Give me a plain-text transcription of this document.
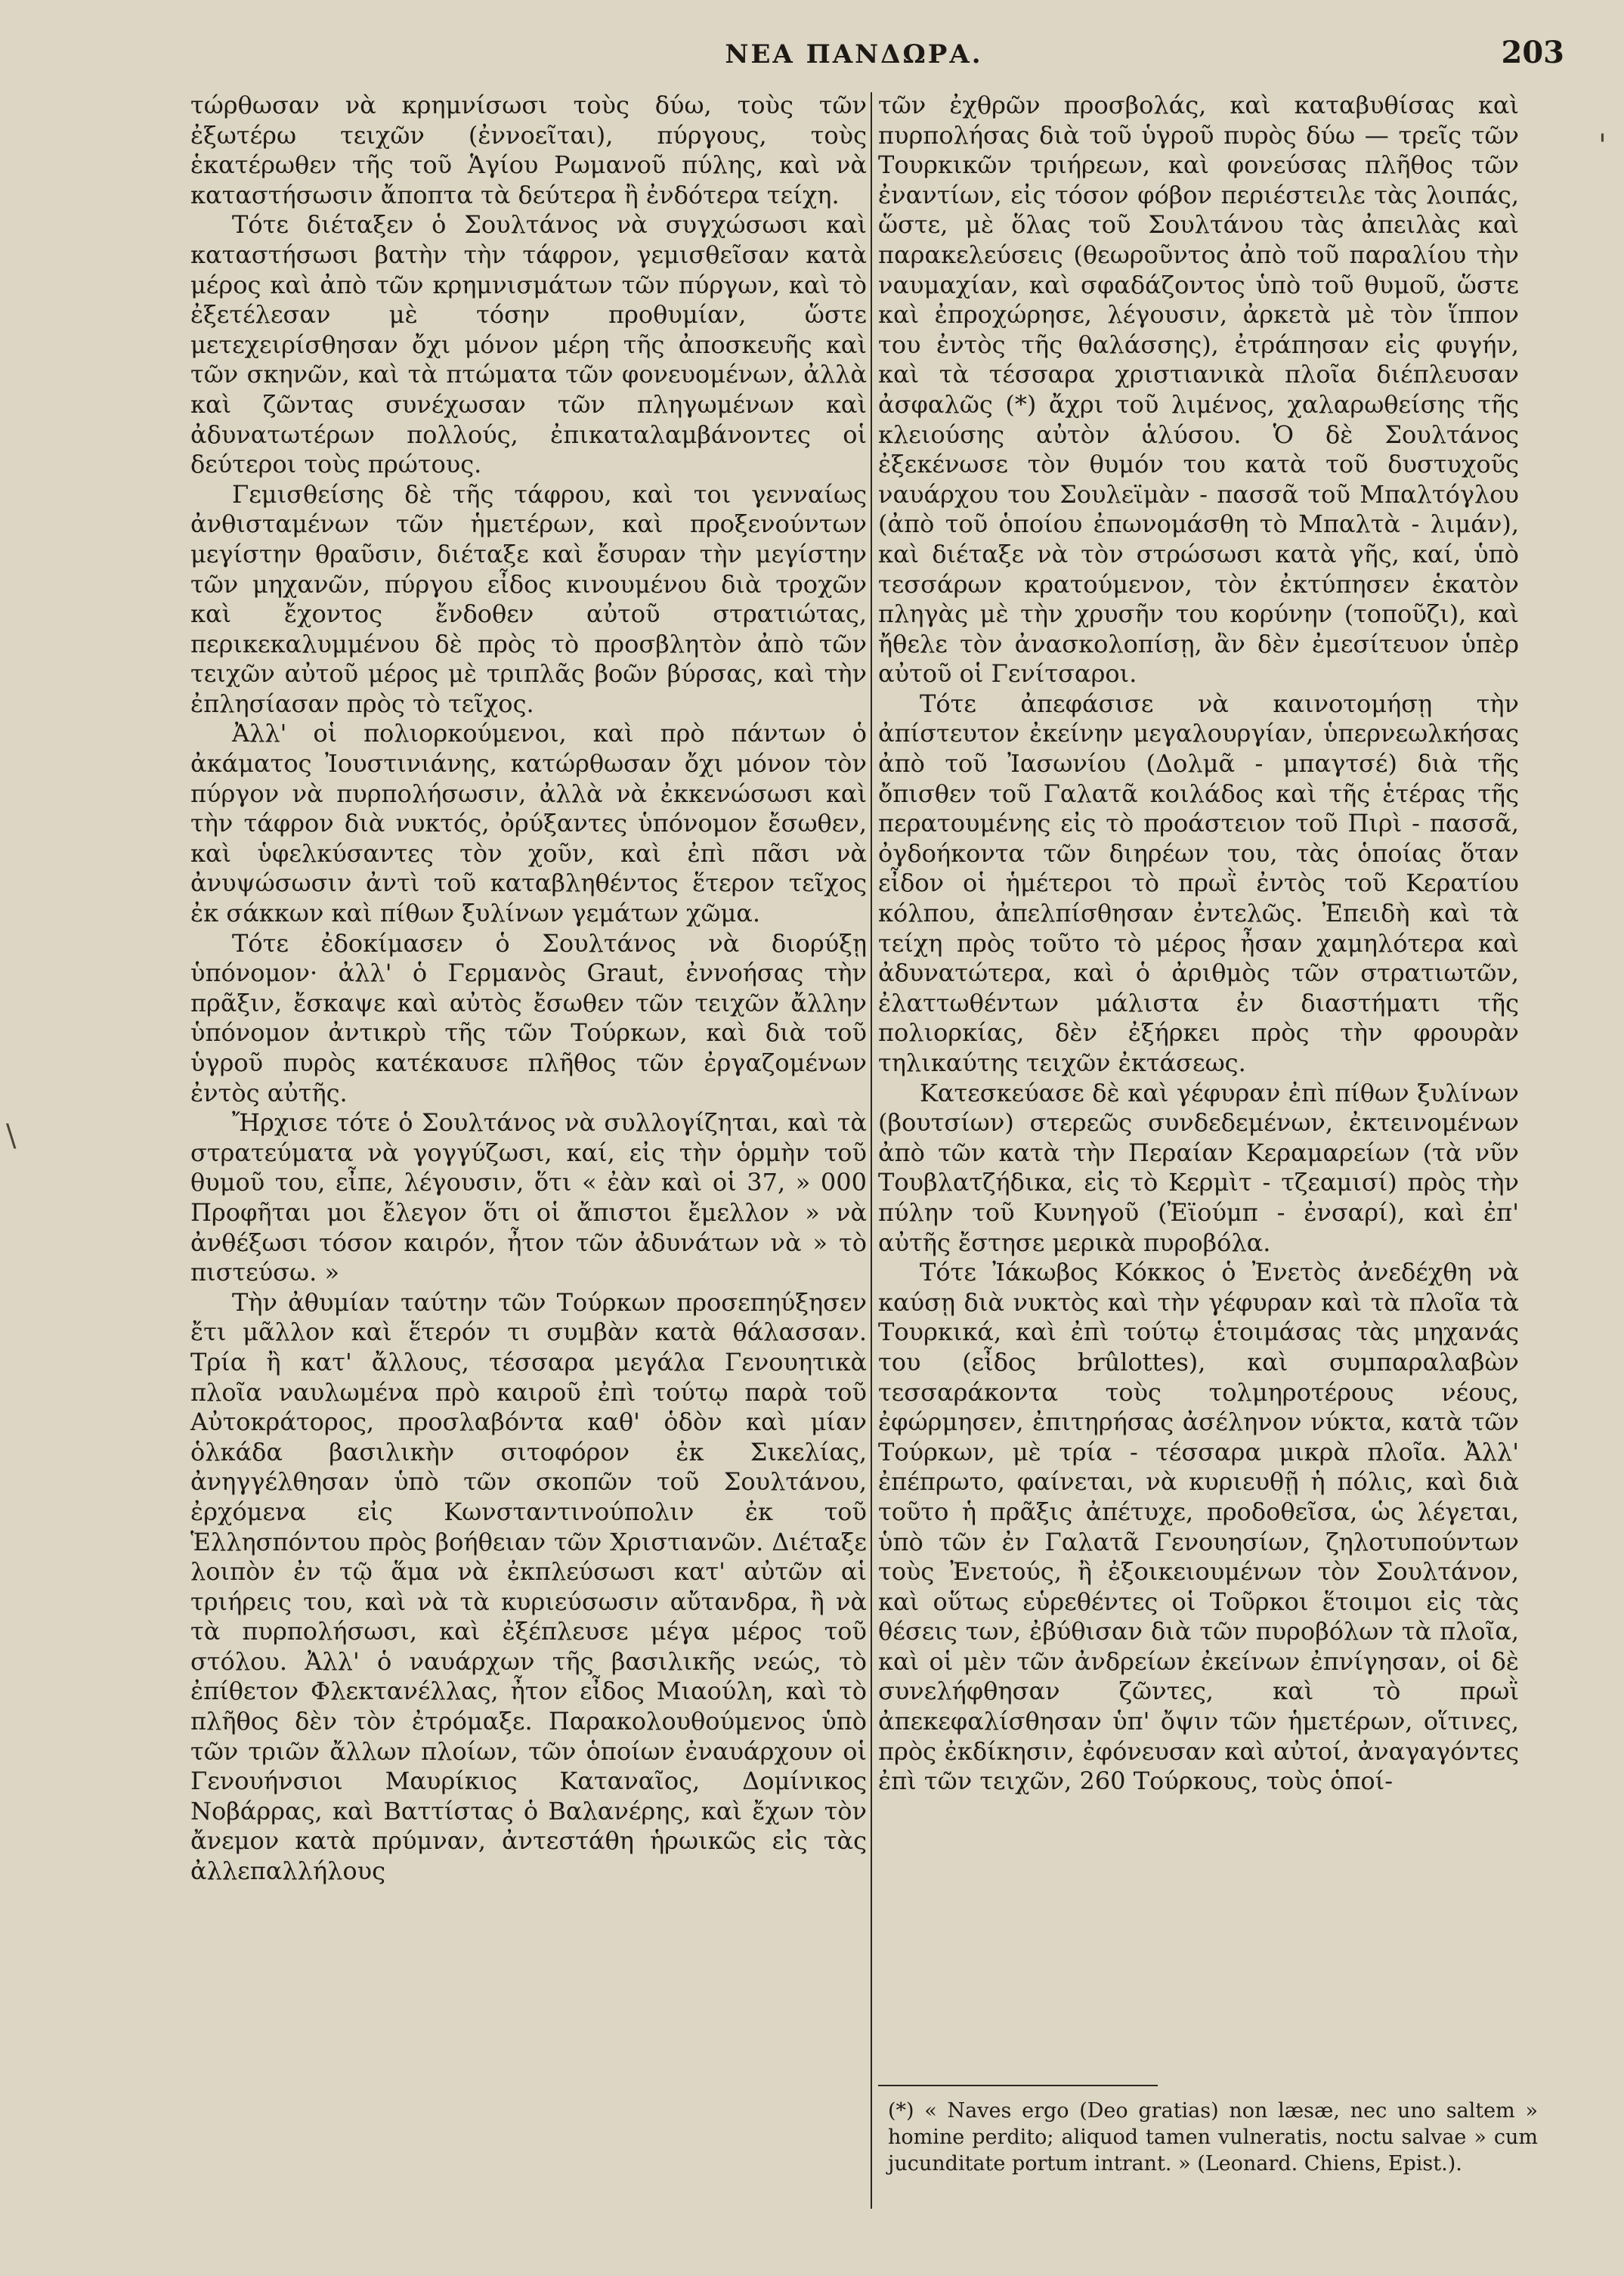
ΝΕΑ ΠΑΝΔΩΡΑ.	203

τώρθωσαν νὰ κρημνίσωσι τοὺς δύω, τοὺς τῶν ἐξωτέρω τειχῶν (ἐννοεῖται), πύργους, τοὺς ἑκατέρωθεν τῆς τοῦ Ἁγίου Ρωμανοῦ πύλης, καὶ νὰ καταστήσωσιν ἄποπτα τὰ δεύτερα ἢ ἐνδότερα τείχη.

Τότε διέταξεν ὁ Σουλτάνος νὰ συγχώσωσι καὶ καταστήσωσι βατὴν τὴν τάφρον, γεμισθεῖσαν κατὰ μέρος καὶ ἀπὸ τῶν κρημνισμάτων τῶν πύργων, καὶ τὸ ἐξετέλεσαν μὲ τόσην προθυμίαν, ὥστε μετεχειρίσθησαν ὄχι μόνον μέρη τῆς ἀποσκευῆς καὶ τῶν σκηνῶν, καὶ τὰ πτώματα τῶν φονευομένων, ἀλλὰ καὶ ζῶντας συνέχωσαν τῶν πληγωμένων καὶ ἀδυνατωτέρων πολλούς, ἐπικαταλαμβάνοντες οἱ δεύτεροι τοὺς πρώτους.

Γεμισθείσης δὲ τῆς τάφρου, καὶ τοι γενναίως ἀνθισταμένων τῶν ἡμετέρων, καὶ προξενούντων μεγίστην θραῦσιν, διέταξε καὶ ἔσυραν τὴν μεγίστην τῶν μηχανῶν, πύργου εἶδος κινουμένου διὰ τροχῶν καὶ ἔχοντος ἔνδοθεν αὐτοῦ στρατιώτας, περικεκαλυμμένου δὲ πρὸς τὸ προσβλητὸν ἀπὸ τῶν τειχῶν αὐτοῦ μέρος μὲ τριπλᾶς βοῶν βύρσας, καὶ τὴν ἐπλησίασαν πρὸς τὸ τεῖχος.

Ἀλλ' οἱ πολιορκούμενοι, καὶ πρὸ πάντων ὁ ἀκάματος Ἰουστινιάνης, κατώρθωσαν ὄχι μόνον τὸν πύργον νὰ πυρπολήσωσιν, ἀλλὰ νὰ ἐκκενώσωσι καὶ τὴν τάφρον διὰ νυκτός, ὀρύξαντες ὑπόνομον ἔσωθεν, καὶ ὑφελκύσαντες τὸν χοῦν, καὶ ἐπὶ πᾶσι νὰ ἀνυψώσωσιν ἀντὶ τοῦ καταβληθέντος ἕτερον τεῖχος ἐκ σάκκων καὶ πίθων ξυλίνων γεμάτων χῶμα.

Τότε ἐδοκίμασεν ὁ Σουλτάνος νὰ διορύξῃ ὑπόνομον· ἀλλ' ὁ Γερμανὸς Graut, ἐννοήσας τὴν πρᾶξιν, ἔσκαψε καὶ αὐτὸς ἔσωθεν τῶν τειχῶν ἄλλην ὑπόνομον ἀντικρὺ τῆς τῶν Τούρκων, καὶ διὰ τοῦ ὑγροῦ πυρὸς κατέκαυσε πλῆθος τῶν ἐργαζομένων ἐντὸς αὐτῆς.

Ἤρχισε τότε ὁ Σουλτάνος νὰ συλλογίζηται, καὶ τὰ στρατεύματα νὰ γογγύζωσι, καί, εἰς τὴν ὁρμὴν τοῦ θυμοῦ του, εἶπε, λέγουσιν, ὅτι « ἐὰν καὶ οἱ 37, » 000 Προφῆται μοι ἔλεγον ὅτι οἱ ἄπιστοι ἔμελλον » νὰ ἀνθέξωσι τόσον καιρόν, ἦτον τῶν ἀδυνάτων νὰ » τὸ πιστεύσω. »

Τὴν ἀθυμίαν ταύτην τῶν Τούρκων προσεπηύξησεν ἔτι μᾶλλον καὶ ἕτερόν τι συμβὰν κατὰ θάλασσαν. Τρία ἢ κατ' ἄλλους, τέσσαρα μεγάλα Γενουητικὰ πλοῖα ναυλωμένα πρὸ καιροῦ ἐπὶ τούτῳ παρὰ τοῦ Αὐτοκράτορος, προσλαβόντα καθ' ὁδὸν καὶ μίαν ὁλκάδα βασιλικὴν σιτοφόρον ἐκ Σικελίας, ἀνηγγέλθησαν ὑπὸ τῶν σκοπῶν τοῦ Σουλτάνου, ἐρχόμενα εἰς Κωνσταντινούπολιν ἐκ τοῦ Ἑλλησπόντου πρὸς βοήθειαν τῶν Χριστιανῶν. Διέταξε λοιπὸν ἐν τῷ ἅμα νὰ ἐκπλεύσωσι κατ' αὐτῶν αἱ τριήρεις του, καὶ νὰ τὰ κυριεύσωσιν αὔτανδρα, ἢ νὰ τὰ πυρπολήσωσι, καὶ ἐξέπλευσε μέγα μέρος τοῦ στόλου. Ἀλλ' ὁ ναυάρχων τῆς βασιλικῆς νεώς, τὸ ἐπίθετον Φλεκτανέλλας, ἦτον εἶδος Μιαούλη, καὶ τὸ πλῆθος δὲν τὸν ἐτρόμαξε. Παρακολουθούμενος ὑπὸ τῶν τριῶν ἄλλων πλοίων, τῶν ὁποίων ἐναυάρχουν οἱ Γενουήνσιοι Μαυρίκιος Καταναῖος, Δομίνικος Νοβάρρας, καὶ Βαττίστας ὁ Βαλανέρης, καὶ ἔχων τὸν ἄνεμον κατὰ πρύμναν, ἀντεστάθη ἡρωικῶς εἰς τὰς ἀλλεπαλλήλους

τῶν ἐχθρῶν προσβολάς, καὶ καταβυθίσας καὶ πυρπολήσας διὰ τοῦ ὑγροῦ πυρὸς δύω — τρεῖς τῶν Τουρκικῶν τριήρεων, καὶ φονεύσας πλῆθος τῶν ἐναντίων, εἰς τόσον φόβον περιέστειλε τὰς λοιπάς, ὥστε, μὲ ὅλας τοῦ Σουλτάνου τὰς ἀπειλὰς καὶ παρακελεύσεις (θεωροῦντος ἀπὸ τοῦ παραλίου τὴν ναυμαχίαν, καὶ σφαδάζοντος ὑπὸ τοῦ θυμοῦ, ὥστε καὶ ἐπροχώρησε, λέγουσιν, ἀρκετὰ μὲ τὸν ἵππον του ἐντὸς τῆς θαλάσσης), ἐτράπησαν εἰς φυγήν, καὶ τὰ τέσσαρα χριστιανικὰ πλοῖα διέπλευσαν ἀσφαλῶς (*) ἄχρι τοῦ λιμένος, χαλαρωθείσης τῆς κλειούσης αὐτὸν ἁλύσου. Ὁ δὲ Σουλτάνος ἐξεκένωσε τὸν θυμόν του κατὰ τοῦ δυστυχοῦς ναυάρχου του Σουλεϊμὰν - πασσᾶ τοῦ Μπαλτόγλου (ἀπὸ τοῦ ὁποίου ἐπωνομάσθη τὸ Μπαλτὰ - λιμάν), καὶ διέταξε νὰ τὸν στρώσωσι κατὰ γῆς, καί, ὑπὸ τεσσάρων κρατούμενον, τὸν ἐκτύπησεν ἑκατὸν πληγὰς μὲ τὴν χρυσῆν του κορύνην (τοποῦζι), καὶ ἤθελε τὸν ἀνασκολοπίσῃ, ἂν δὲν ἐμεσίτευον ὑπὲρ αὐτοῦ οἱ Γενίτσαροι.

Τότε ἀπεφάσισε νὰ καινοτομήσῃ τὴν ἀπίστευτον ἐκείνην μεγαλουργίαν, ὑπερνεωλκήσας ἀπὸ τοῦ Ἰασωνίου (Δολμᾶ - μπαγτσέ) διὰ τῆς ὄπισθεν τοῦ Γαλατᾶ κοιλάδος καὶ τῆς ἑτέρας τῆς περατουμένης εἰς τὸ προάστειον τοῦ Πιρὶ - πασσᾶ, ὀγδοήκοντα τῶν διηρέων του, τὰς ὁποίας ὅταν εἶδον οἱ ἡμέτεροι τὸ πρωῒ ἐντὸς τοῦ Κερατίου κόλπου, ἀπελπίσθησαν ἐντελῶς. Ἐπειδὴ καὶ τὰ τείχη πρὸς τοῦτο τὸ μέρος ἦσαν χαμηλότερα καὶ ἀδυνατώτερα, καὶ ὁ ἀριθμὸς τῶν στρατιωτῶν, ἐλαττωθέντων μάλιστα ἐν διαστήματι τῆς πολιορκίας, δὲν ἐξήρκει πρὸς τὴν φρουρὰν τηλικαύτης τειχῶν ἐκτάσεως.

Κατεσκεύασε δὲ καὶ γέφυραν ἐπὶ πίθων ξυλίνων (βουτσίων) στερεῶς συνδεδεμένων, ἐκτεινομένων ἀπὸ τῶν κατὰ τὴν Περαίαν Κεραμαρείων (τὰ νῦν Τουβλατζήδικα, εἰς τὸ Κερμὶτ - τζεαμισί) πρὸς τὴν πύλην τοῦ Κυνηγοῦ (Ἐϊούμπ - ἐνσαρί), καὶ ἐπ' αὐτῆς ἔστησε μερικὰ πυροβόλα.

Τότε Ἰάκωβος Κόκκος ὁ Ἐνετὸς ἀνεδέχθη νὰ καύσῃ διὰ νυκτὸς καὶ τὴν γέφυραν καὶ τὰ πλοῖα τὰ Τουρκικά, καὶ ἐπὶ τούτῳ ἑτοιμάσας τὰς μηχανάς του (εἶδος brûlottes), καὶ συμπαραλαβὼν τεσσαράκοντα τοὺς τολμηροτέρους νέους, ἐφώρμησεν, ἐπιτηρήσας ἀσέληνον νύκτα, κατὰ τῶν Τούρκων, μὲ τρία - τέσσαρα μικρὰ πλοῖα. Ἀλλ' ἐπέπρωτο, φαίνεται, νὰ κυριευθῇ ἡ πόλις, καὶ διὰ τοῦτο ἡ πρᾶξις ἀπέτυχε, προδοθεῖσα, ὡς λέγεται, ὑπὸ τῶν ἐν Γαλατᾶ Γενουησίων, ζηλοτυπούντων τοὺς Ἐνετούς, ἢ ἐξοικειουμένων τὸν Σουλτάνον, καὶ οὕτως εὑρεθέντες οἱ Τοῦρκοι ἕτοιμοι εἰς τὰς θέσεις των, ἐβύθισαν διὰ τῶν πυροβόλων τὰ πλοῖα, καὶ οἱ μὲν τῶν ἀνδρείων ἐκείνων ἐπνίγησαν, οἱ δὲ συνελήφθησαν ζῶντες, καὶ τὸ πρωῒ ἀπεκεφαλίσθησαν ὑπ' ὄψιν τῶν ἡμετέρων, οἵτινες, πρὸς ἐκδίκησιν, ἐφόνευσαν καὶ αὐτοί, ἀναγαγόντες ἐπὶ τῶν τειχῶν, 260 Τούρκους, τοὺς ὁποί-

(*) « Naves ergo (Deo gratias) non læsæ, nec uno saltem » homine perdito; aliquod tamen vulneratis, noctu salvae » cum jucunditate portum intrant. » (Leonard. Chiens, Epist.).
\
'
